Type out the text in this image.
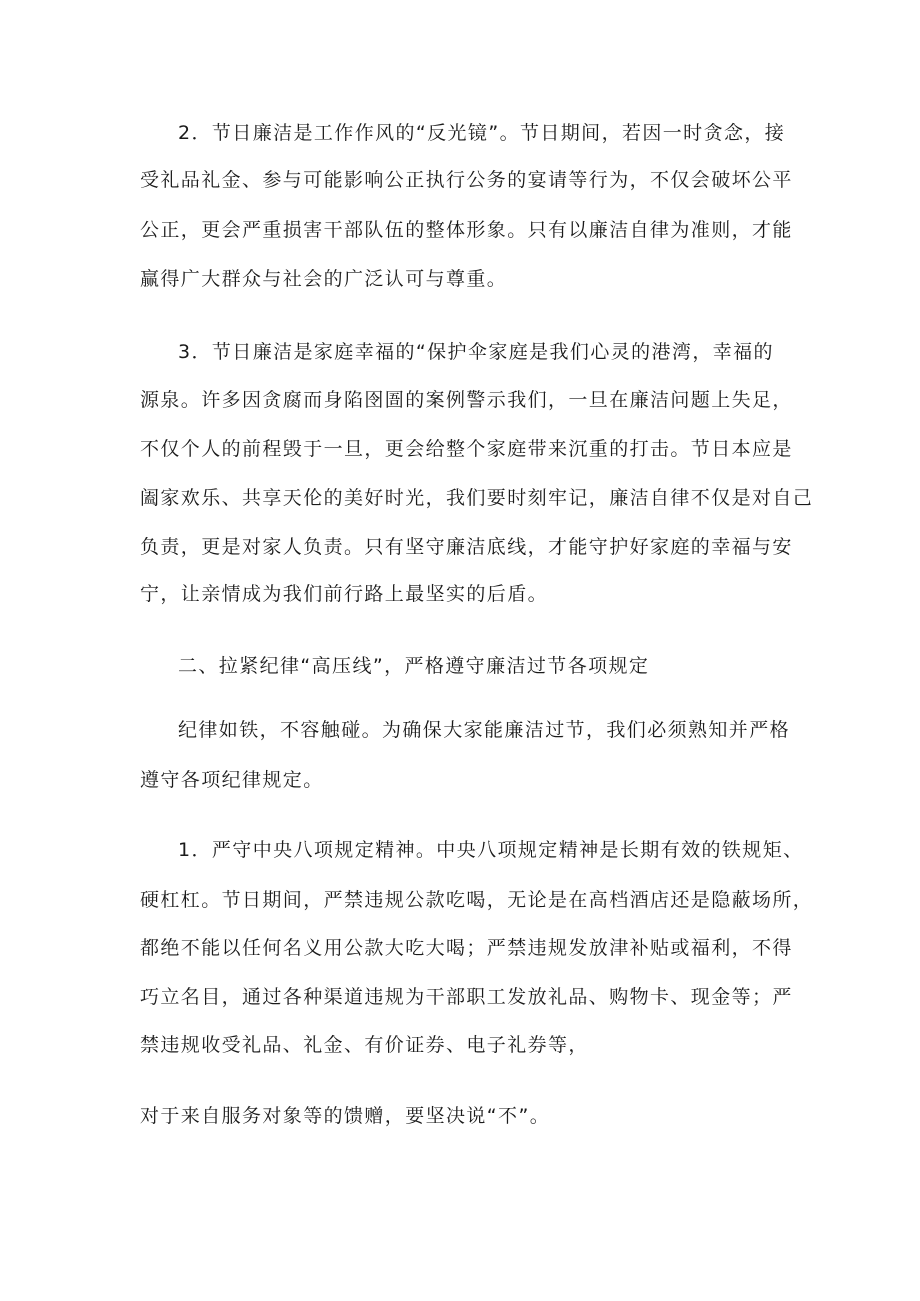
2．节日廉洁是工作作风的“反光镜”。节日期间，若因一时贪念，接
受礼品礼金、参与可能影响公正执行公务的宴请等行为，不仅会破坏公平
公正，更会严重损害干部队伍的整体形象。只有以廉洁自律为准则，才能
赢得广大群众与社会的广泛认可与尊重。
3．节日廉洁是家庭幸福的“保护伞家庭是我们心灵的港湾，幸福的
源泉。许多因贪腐而身陷囹圄的案例警示我们，一旦在廉洁问题上失足，
不仅个人的前程毁于一旦，更会给整个家庭带来沉重的打击。节日本应是
阖家欢乐、共享天伦的美好时光，我们要时刻牢记，廉洁自律不仅是对自己
负责，更是对家人负责。只有坚守廉洁底线，才能守护好家庭的幸福与安
宁，让亲情成为我们前行路上最坚实的后盾。
二、拉紧纪律“高压线”，严格遵守廉洁过节各项规定
纪律如铁，不容触碰。为确保大家能廉洁过节，我们必须熟知并严格
遵守各项纪律规定。
1．严守中央八项规定精神。中央八项规定精神是长期有效的铁规矩、
硬杠杠。节日期间，严禁违规公款吃喝，无论是在高档酒店还是隐蔽场所，
都绝不能以任何名义用公款大吃大喝；严禁违规发放津补贴或福利，不得
巧立名目，通过各种渠道违规为干部职工发放礼品、购物卡、现金等；严
禁违规收受礼品、礼金、有价证券、电子礼券等，
对于来自服务对象等的馈赠，要坚决说“不”。
